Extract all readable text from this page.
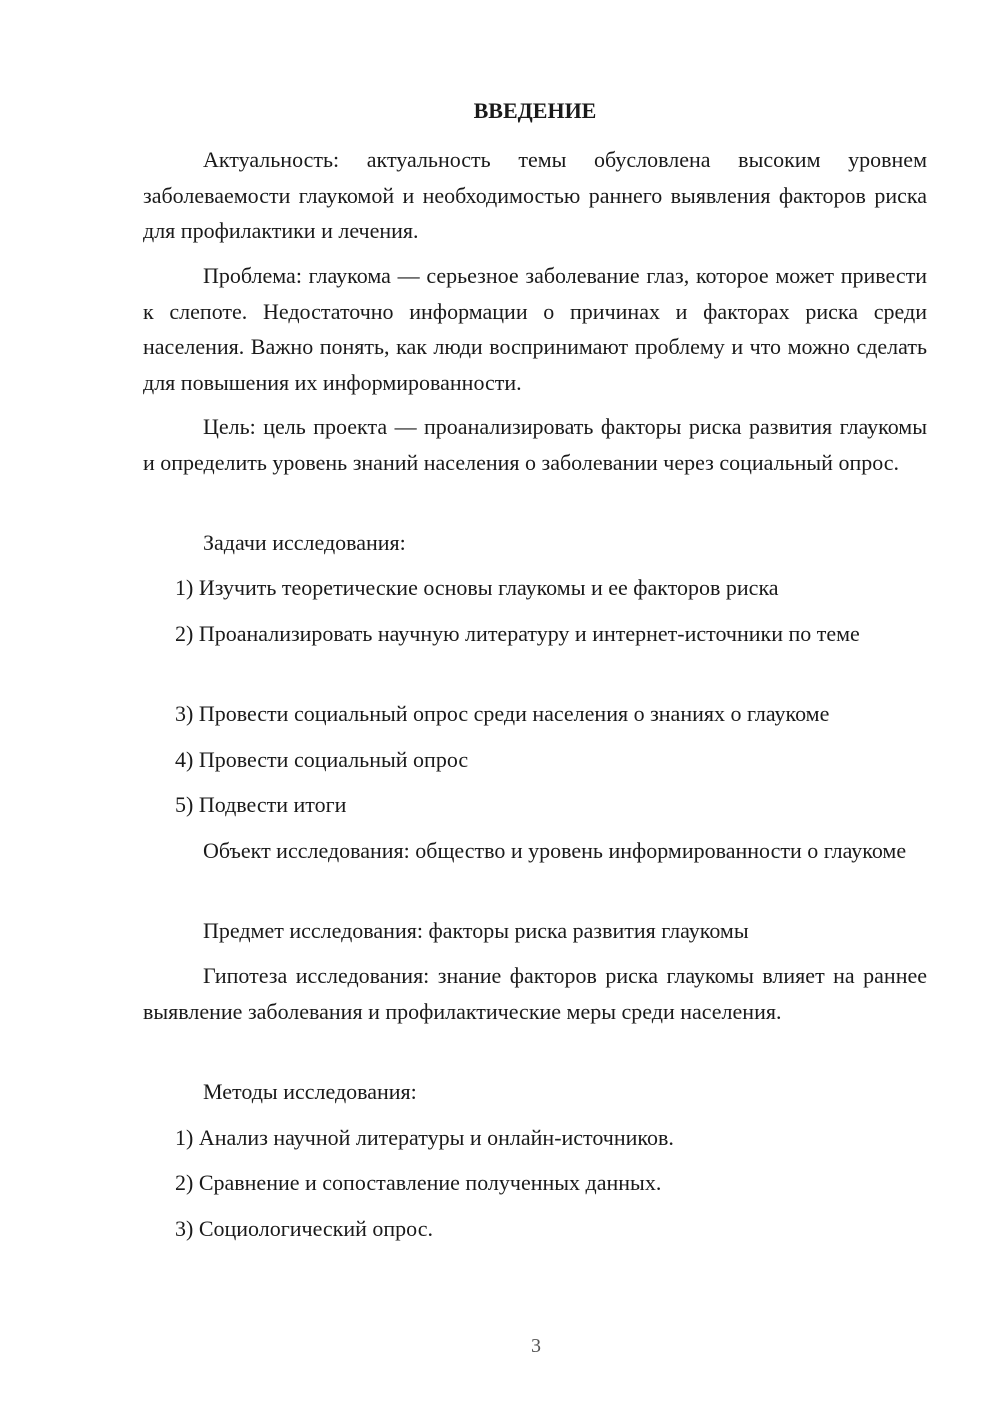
ВВЕДЕНИЕ

Актуальность: актуальность темы обусловлена высоким уровнем заболеваемости глаукомой и необходимостью раннего выявления факторов риска для профилактики и лечения.

Проблема: глаукома — серьезное заболевание глаз, которое может привести к слепоте. Недостаточно информации о причинах и факторах риска среди населения. Важно понять, как люди воспринимают проблему и что можно сделать для повышения их информированности.

Цель: цель проекта — проанализировать факторы риска развития глаукомы и определить уровень знаний населения о заболевании через социальный опрос.

Задачи исследования:

1) Изучить теоретические основы глаукомы и ее факторов риска

2) Проанализировать научную литературу и интернет-источники по теме

3) Провести социальный опрос среди населения о знаниях о глаукоме

4) Провести социальный опрос

5) Подвести итоги

Объект исследования: общество и уровень информированности о глаукоме

Предмет исследования: факторы риска развития глаукомы

Гипотеза исследования: знание факторов риска глаукомы влияет на раннее выявление заболевания и профилактические меры среди населения.

Методы исследования:

1) Анализ научной литературы и онлайн-источников.

2) Сравнение и сопоставление полученных данных.

3) Социологический опрос.

3
